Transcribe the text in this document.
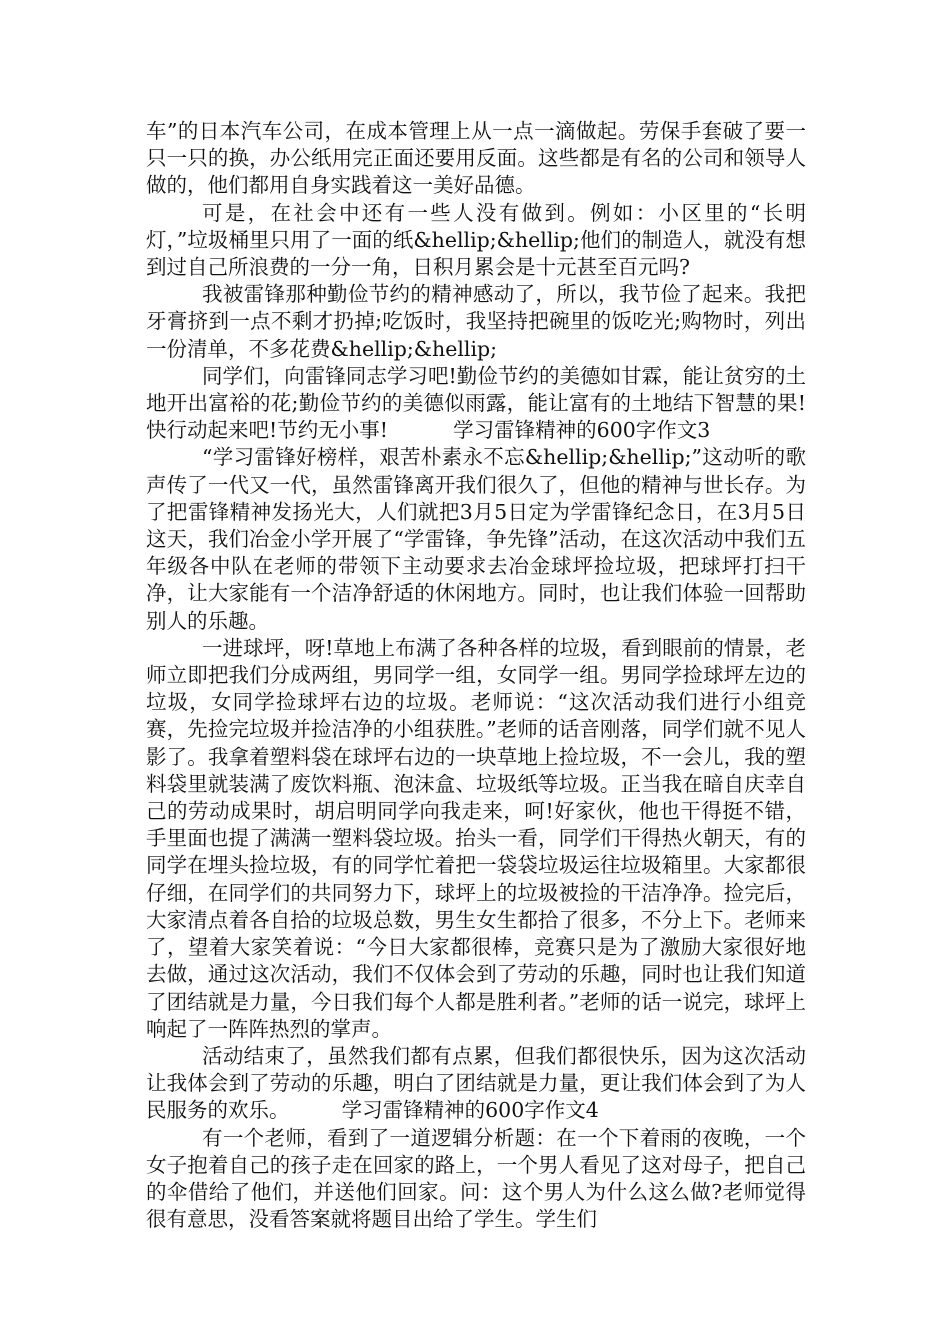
车”的日本汽车公司，在成本管理上从一点一滴做起。劳保手套破了要一只一只的换，办公纸用完正面还要用反面。这些都是有名的公司和领导人做的，他们都用自身实践着这一美好品德。

可是，在社会中还有一些人没有做到。例如：小区里的“长明灯，”垃圾桶里只用了一面的纸&hellip;&hellip;他们的制造人，就没有想到过自己所浪费的一分一角，日积月累会是十元甚至百元吗?

我被雷锋那种勤俭节约的精神感动了，所以，我节俭了起来。我把牙膏挤到一点不剩才扔掉;吃饭时，我坚持把碗里的饭吃光;购物时，列出一份清单，不多花费&hellip;&hellip;

同学们，向雷锋同志学习吧!勤俭节约的美德如甘霖，能让贫穷的土地开出富裕的花;勤俭节约的美德似雨露，能让富有的土地结下智慧的果!快行动起来吧!节约无小事!	学习雷锋精神的600字作文3

“学习雷锋好榜样，艰苦朴素永不忘&hellip;&hellip;”这动听的歌声传了一代又一代，虽然雷锋离开我们很久了，但他的精神与世长存。为了把雷锋精神发扬光大，人们就把3月5日定为学雷锋纪念日，在3月5日这天，我们冶金小学开展了“学雷锋，争先锋”活动，在这次活动中我们五年级各中队在老师的带领下主动要求去冶金球坪捡垃圾，把球坪打扫干净，让大家能有一个洁净舒适的休闲地方。同时，也让我们体验一回帮助别人的乐趣。

一进球坪，呀!草地上布满了各种各样的垃圾，看到眼前的情景，老师立即把我们分成两组，男同学一组，女同学一组。男同学捡球坪左边的垃圾，女同学捡球坪右边的垃圾。老师说：“这次活动我们进行小组竞赛，先捡完垃圾并捡洁净的小组获胜。”老师的话音刚落，同学们就不见人影了。我拿着塑料袋在球坪右边的一块草地上捡垃圾，不一会儿，我的塑料袋里就装满了废饮料瓶、泡沫盒、垃圾纸等垃圾。正当我在暗自庆幸自己的劳动成果时，胡启明同学向我走来，呵!好家伙，他也干得挺不错，手里面也提了满满一塑料袋垃圾。抬头一看，同学们干得热火朝天，有的同学在埋头捡垃圾，有的同学忙着把一袋袋垃圾运往垃圾箱里。大家都很仔细，在同学们的共同努力下，球坪上的垃圾被捡的干洁净净。捡完后，大家清点着各自拾的垃圾总数，男生女生都拾了很多，不分上下。老师来了，望着大家笑着说：“今日大家都很棒，竞赛只是为了激励大家很好地去做，通过这次活动，我们不仅体会到了劳动的乐趣，同时也让我们知道了团结就是力量，今日我们每个人都是胜利者。”老师的话一说完，球坪上响起了一阵阵热烈的掌声。

活动结束了，虽然我们都有点累，但我们都很快乐，因为这次活动让我体会到了劳动的乐趣，明白了团结就是力量，更让我们体会到了为人民服务的欢乐。	学习雷锋精神的600字作文4

有一个老师，看到了一道逻辑分析题：在一个下着雨的夜晚，一个女子抱着自己的孩子走在回家的路上，一个男人看见了这对母子，把自己的伞借给了他们，并送他们回家。问：这个男人为什么这么做?老师觉得很有意思，没看答案就将题目出给了学生。学生们
